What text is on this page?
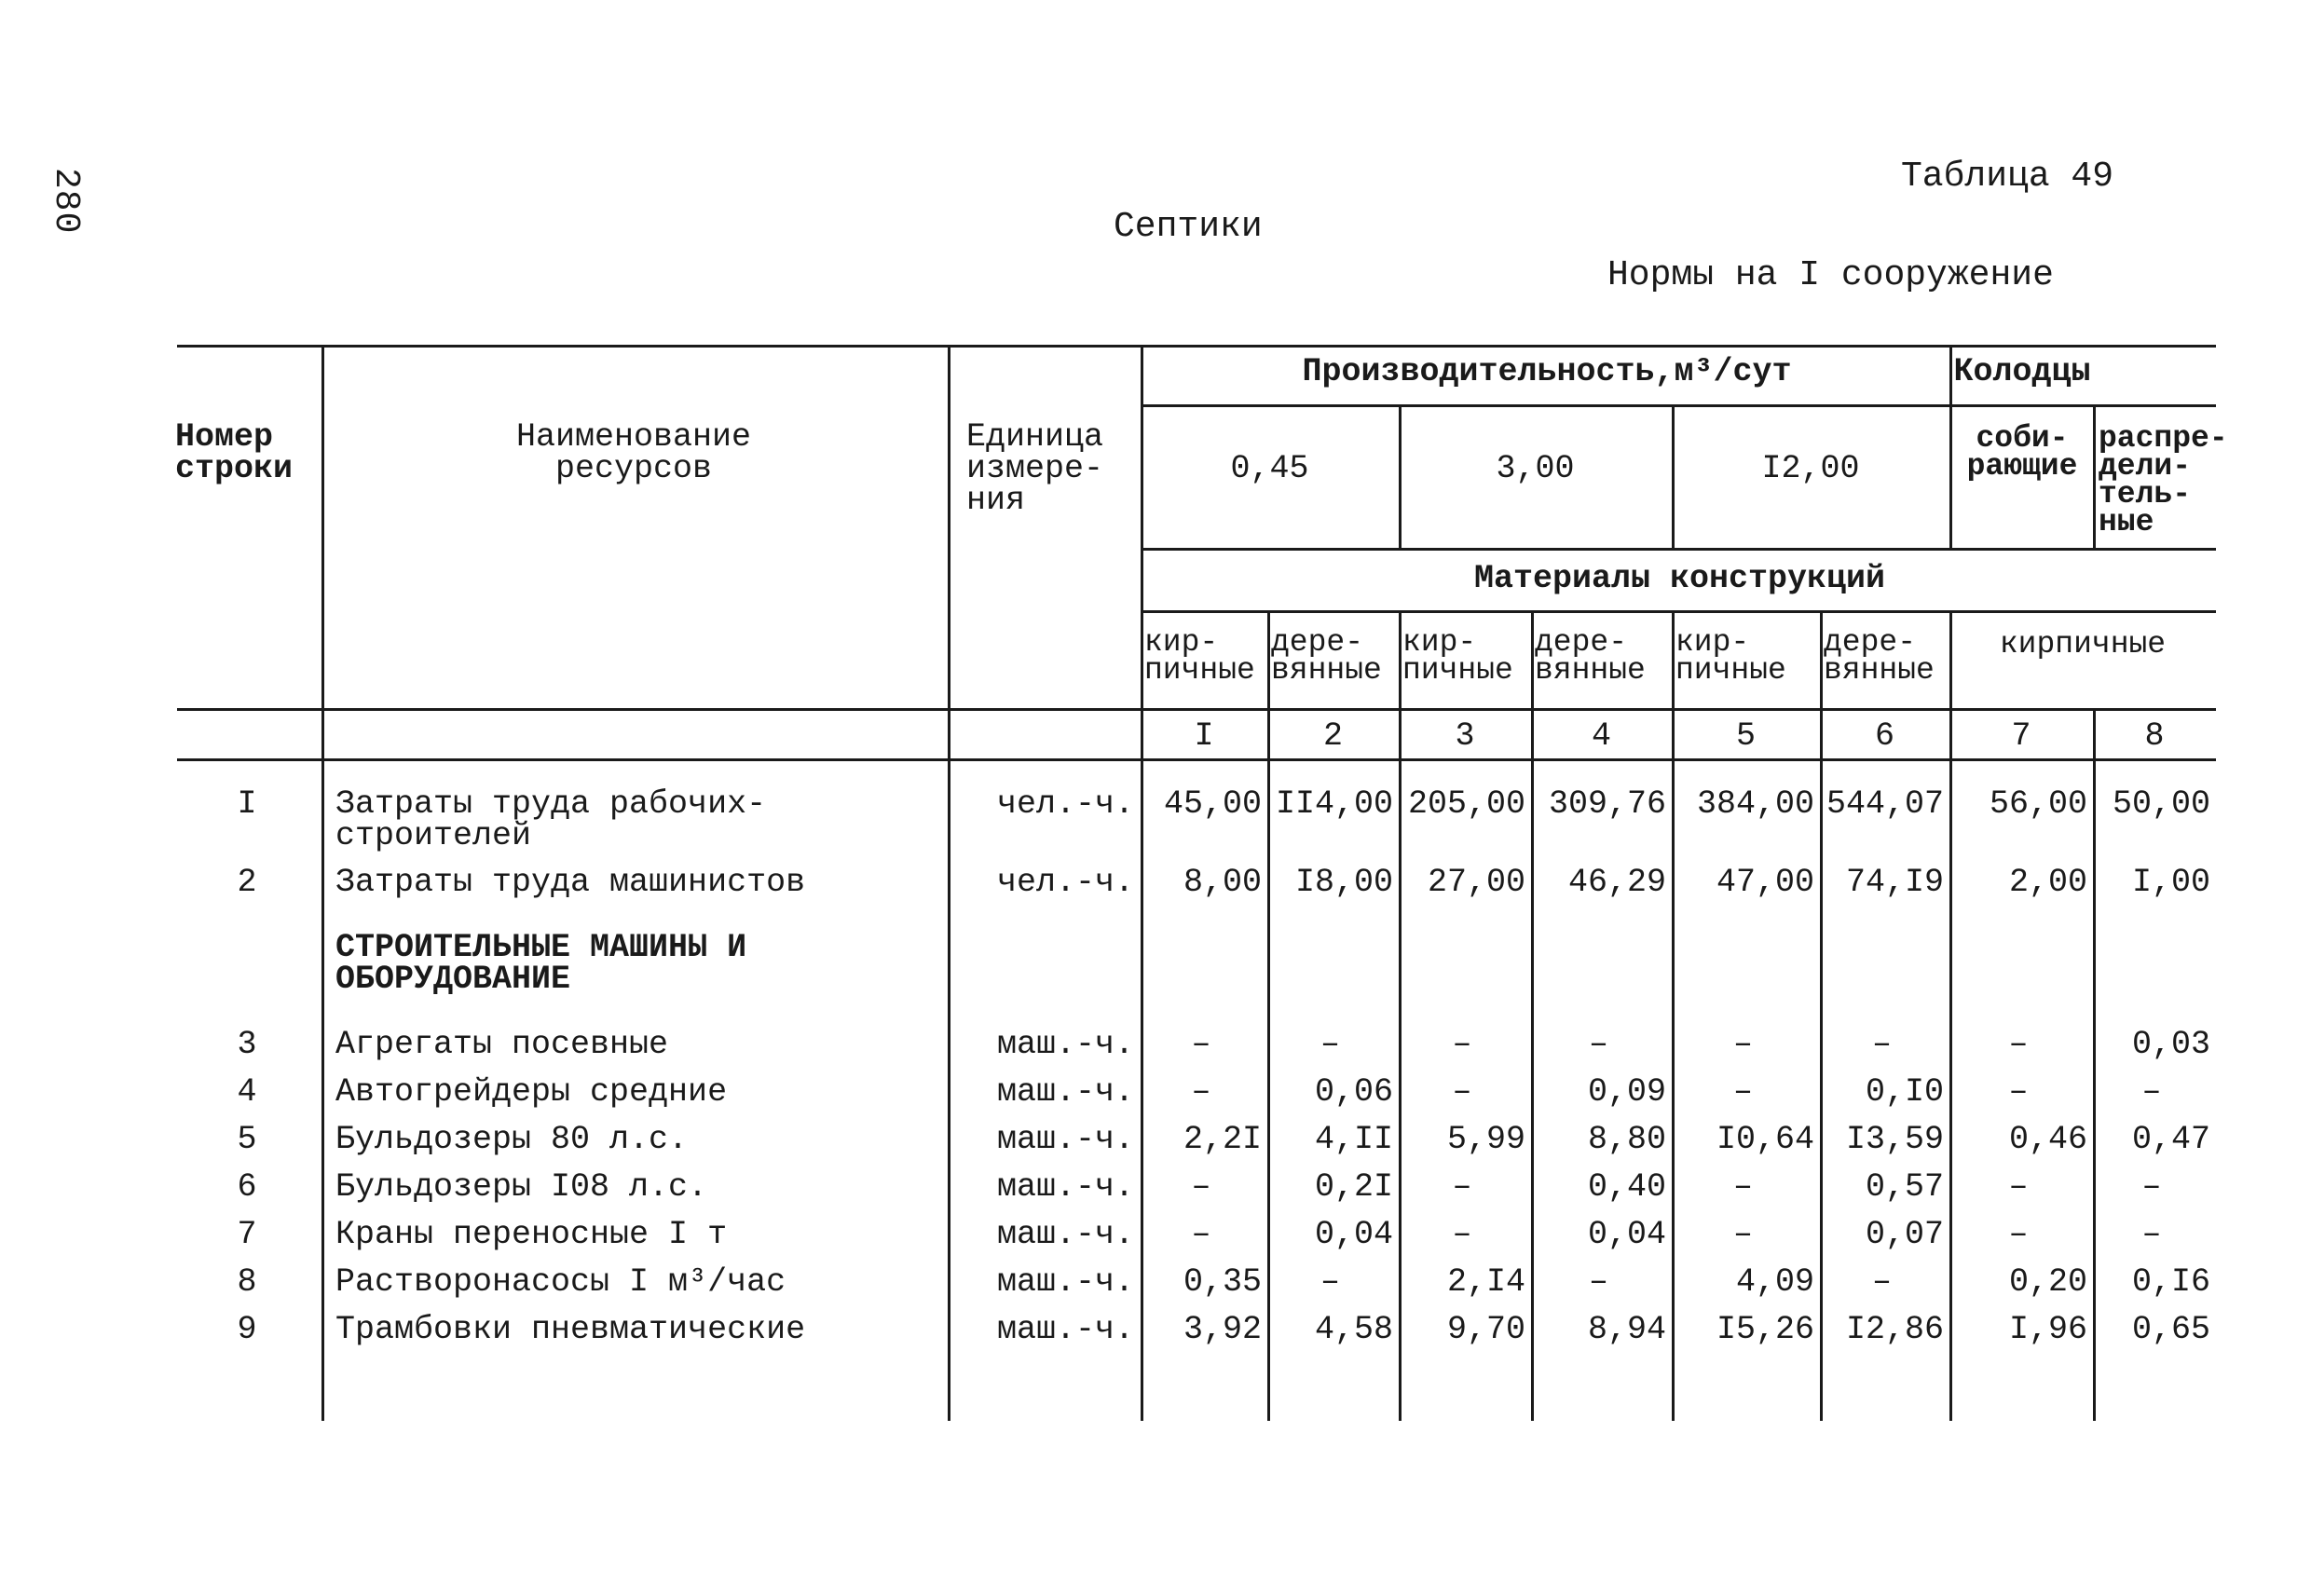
280	Таблица 49
Септики
Нормы на I сооружение
Номер
строки
Наименование
ресурсов
Единица
измере-
ния
Производительность,м³/сут	Колодцы
0,45	3,00	I2,00
соби-
рающие
распре-
дели-
тель-
ные
Материалы конструкций
кир-
пичные
дере-
вянные
кир-
пичные
дере-
вянные
кир-
пичные
дере-
вянные
кирпичные
I	2	3	4	5	6	7	8
I	Затраты труда рабочих-
строителей
чел.-ч. 45,00 II4,00 205,00 309,76 384,00 544,07	56,00 50,00
2	Затраты труда машинистов	чел.-ч.	8,00	I8,00	27,00	46,29	47,00 74,I9	2,00	I,00
СТРОИТЕЛЬНЫЕ МАШИНЫ И
ОБОРУДОВАНИЕ
3	Агрегаты посевные	маш.-ч.	–	–	–	–	–	–	–	0,03
4	Автогрейдеры средние	маш.-ч.	–	0,06	–	0,09	–	0,I0	–	–
5	Бульдозеры 80 л.с.	маш.-ч.	2,2I	4,II	5,99	8,80	I0,64 I3,59	0,46	0,47
6	Бульдозеры I08 л.с.	маш.-ч.	–	0,2I	–	0,40	–	0,57	–	–
7	Краны переносные I т	маш.-ч.	–	0,04	–	0,04	–	0,07	–	–
8	Растворонасосы I м³/час	маш.-ч.	0,35	–	2,I4	–	4,09	–	0,20	0,I6
9	Трамбовки пневматические	маш.-ч.	3,92	4,58	9,70	8,94	I5,26 I2,86	I,96	0,65
